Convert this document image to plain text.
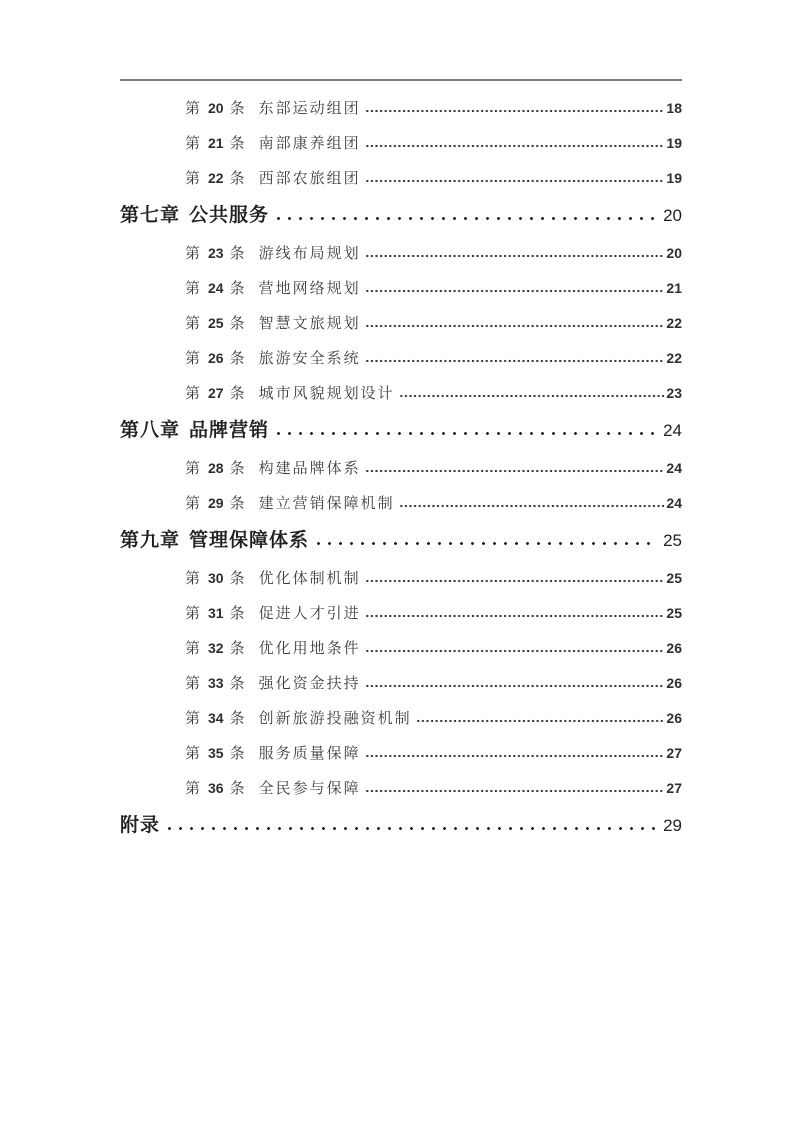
第 20 条 东部运动组团	18
第 21 条 南部康养组团	19
第 22 条 西部农旅组团	19
第七章 公共服务	20
第 23 条 游线布局规划	20
第 24 条 营地网络规划	21
第 25 条 智慧文旅规划	22
第 26 条 旅游安全系统	22
第 27 条 城市风貌规划设计	23
第八章 品牌营销	24
第 28 条 构建品牌体系	24
第 29 条 建立营销保障机制	24
第九章 管理保障体系	25
第 30 条 优化体制机制	25
第 31 条 促进人才引进	25
第 32 条 优化用地条件	26
第 33 条 强化资金扶持	26
第 34 条 创新旅游投融资机制	26
第 35 条 服务质量保障	27
第 36 条 全民参与保障	27
附录	29
